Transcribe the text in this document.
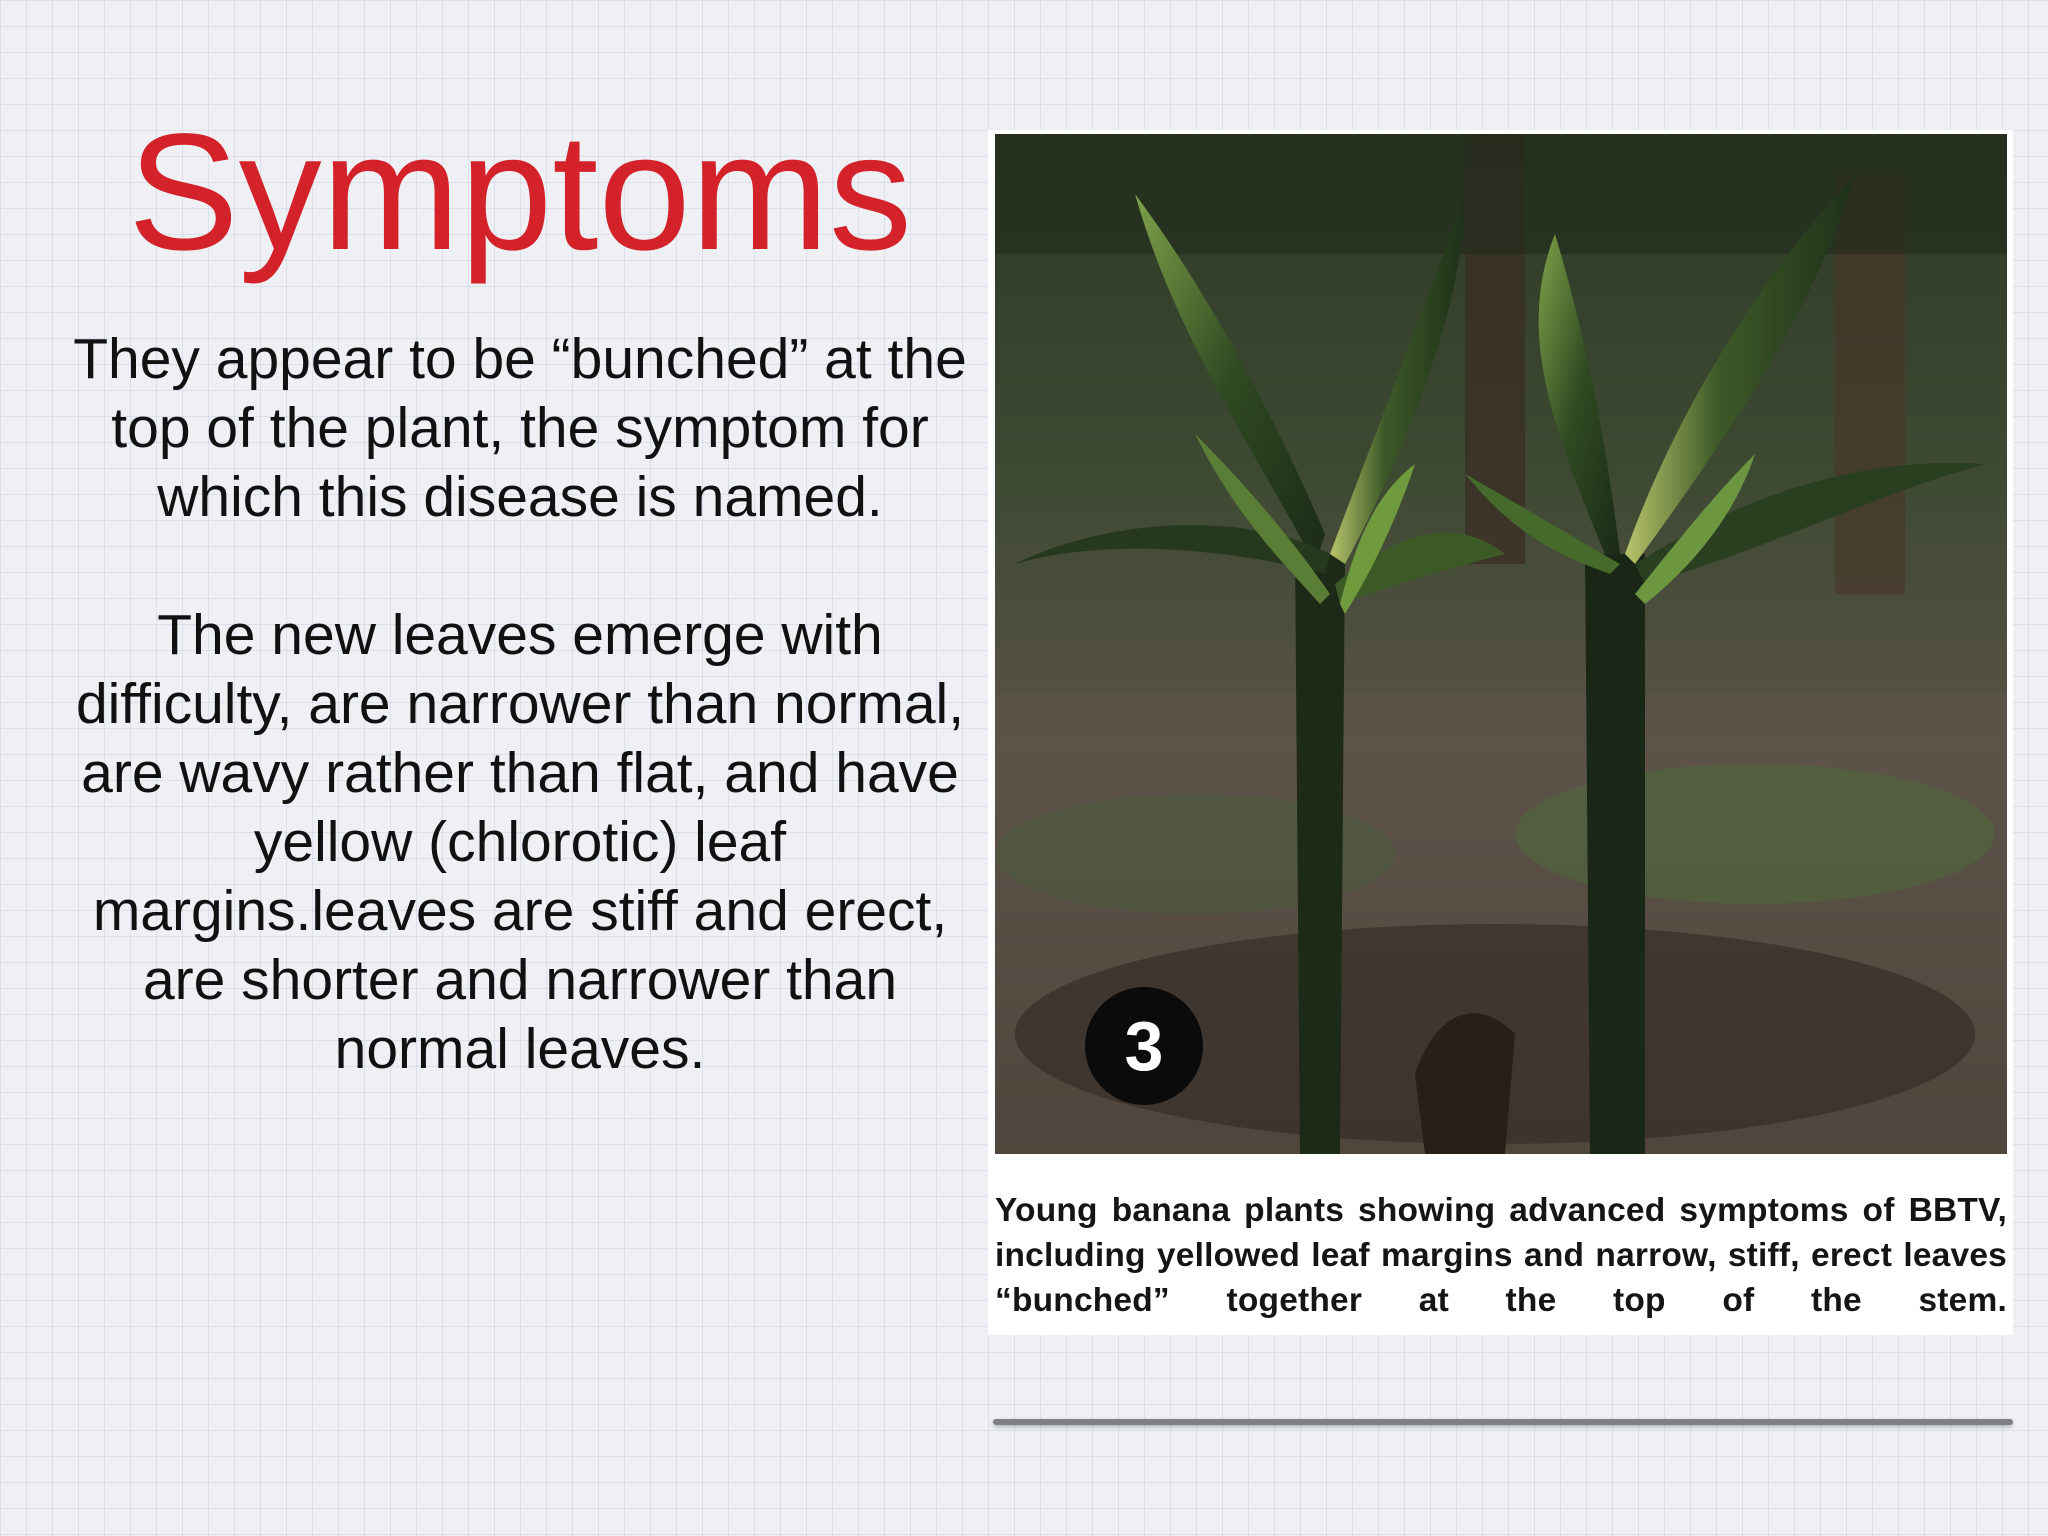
Symptoms

They appear to be “bunched” at the top of the plant, the symptom for which this disease is named.

The new leaves emerge with difficulty, are narrower than normal, are wavy rather than flat, and have yellow (chlorotic) leaf margins.leaves are stiff and erect, are shorter and narrower than normal leaves.	3
Young banana plants showing advanced symptoms of BBTV, including yellowed leaf margins and narrow, stiff, erect leaves “bunched” together at the top of the stem.
